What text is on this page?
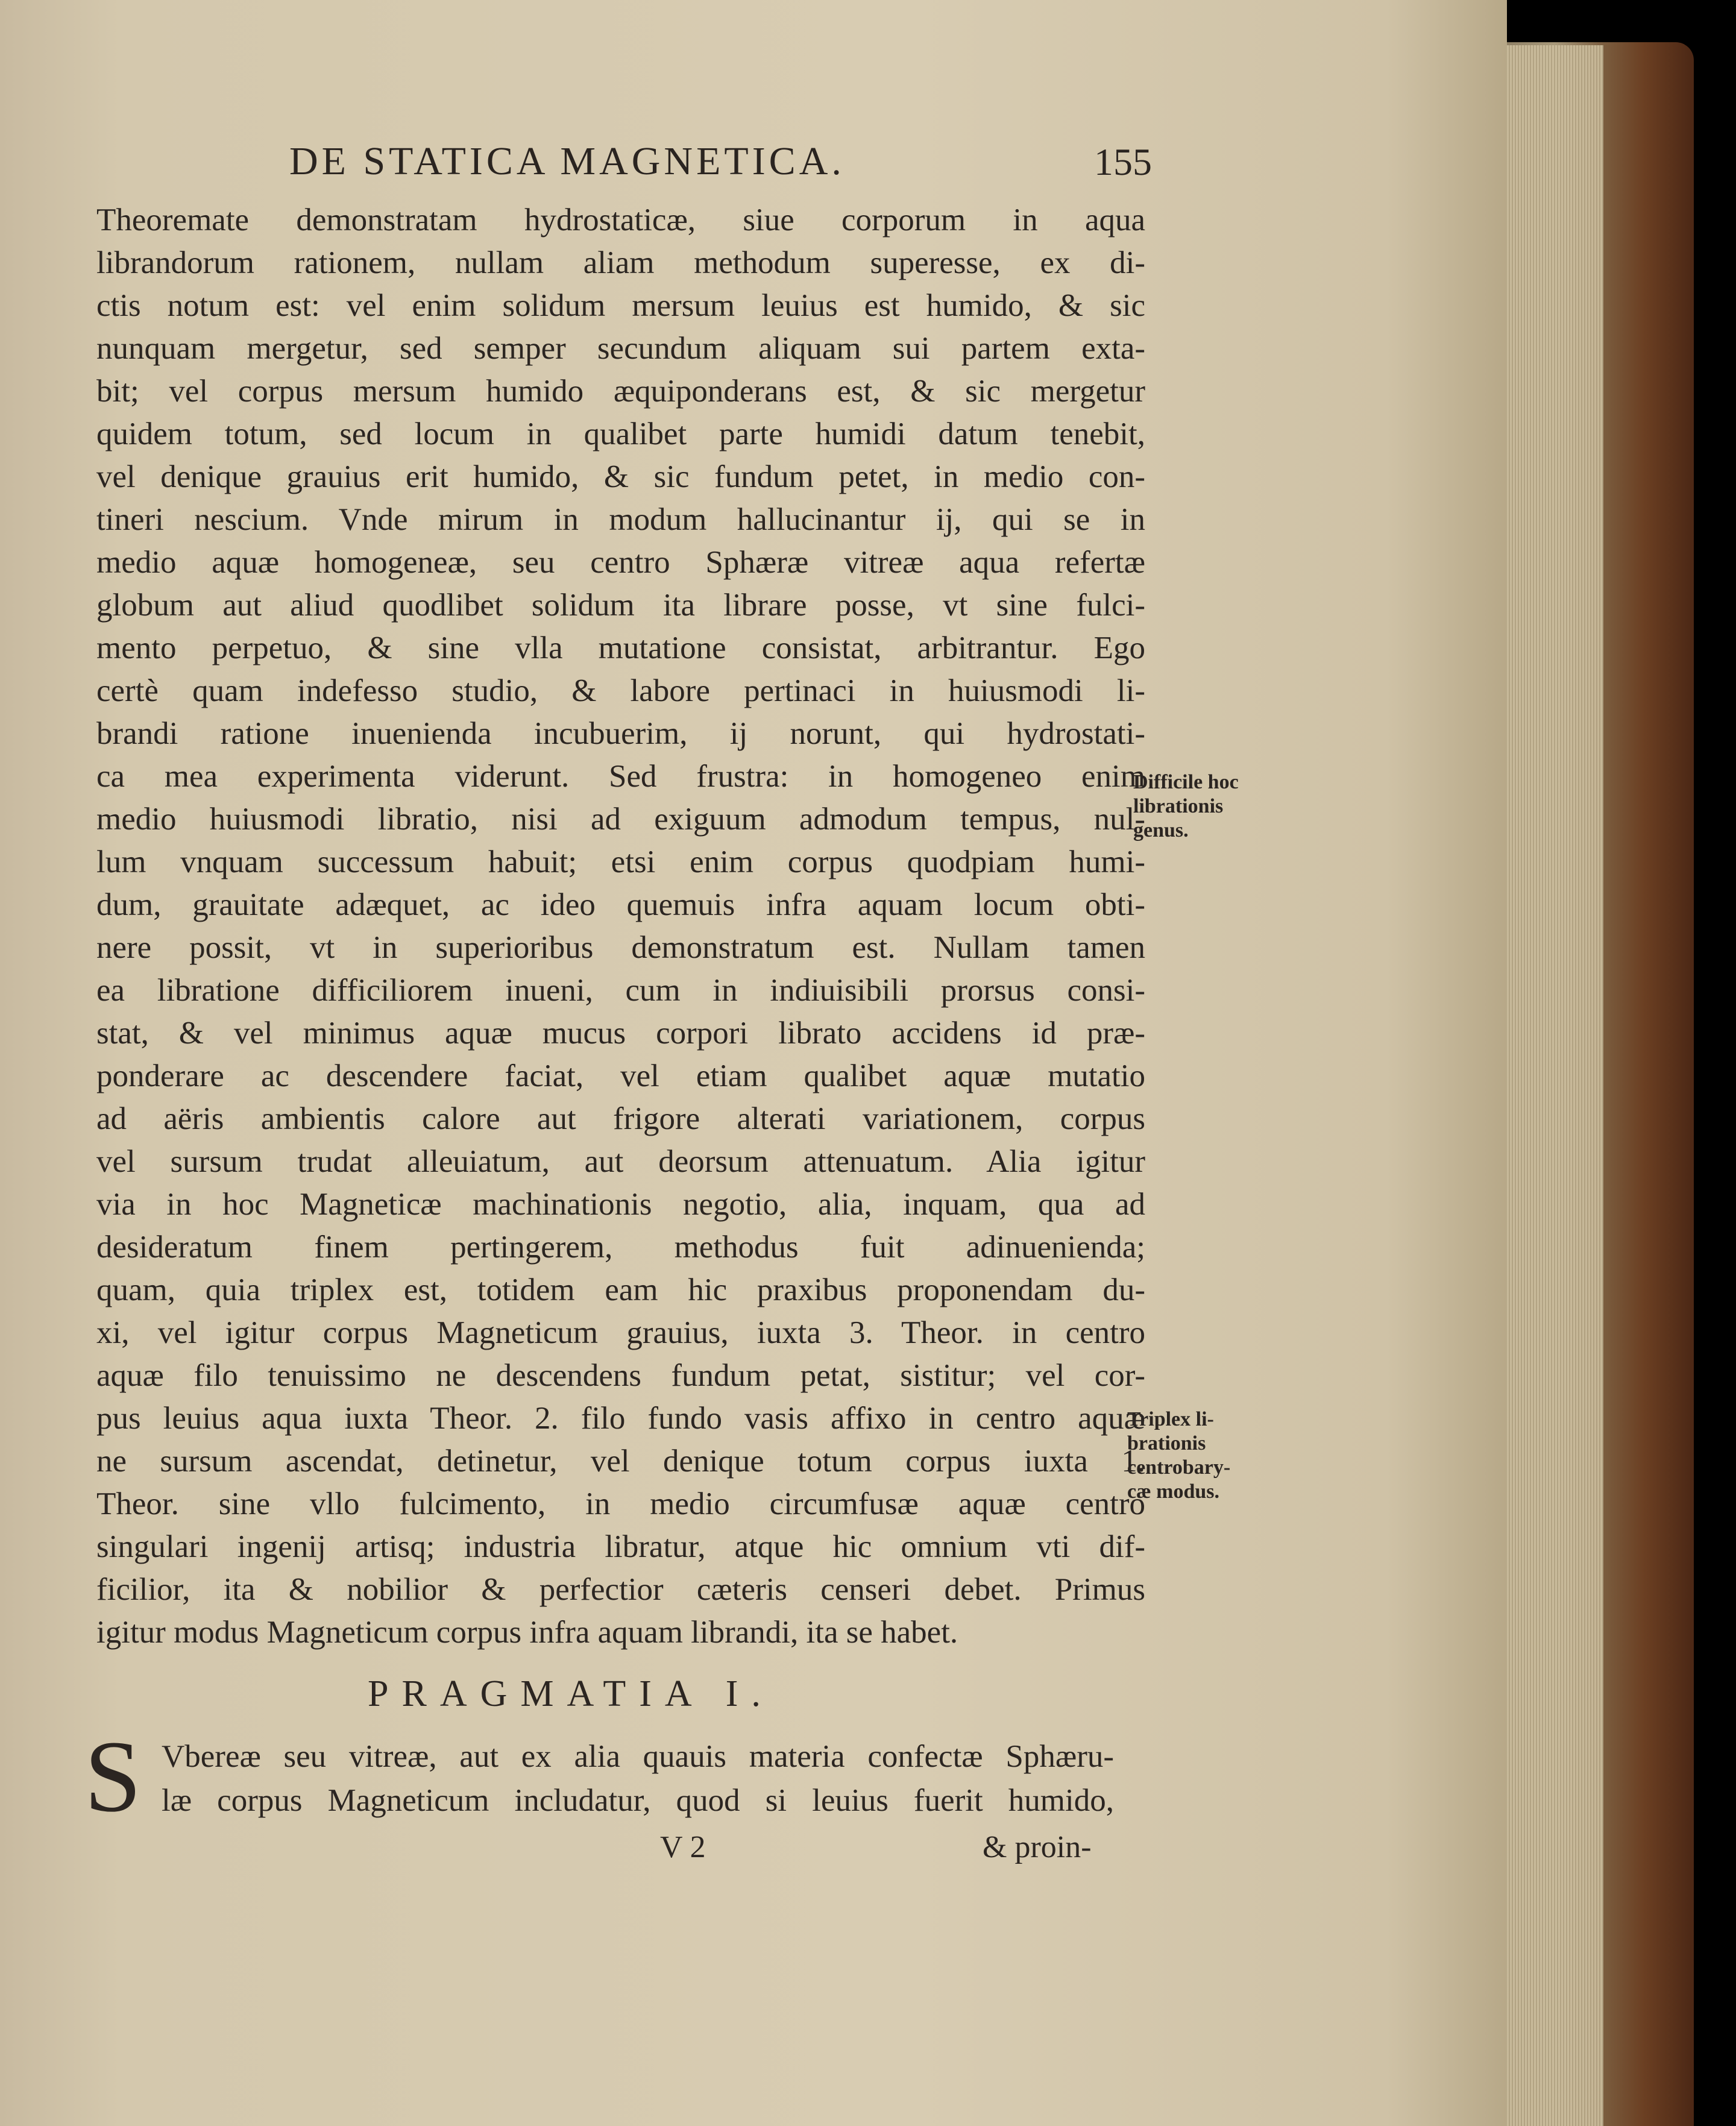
DE STATICA MAGNETICA.	155
Theoremate demonstratam hydrostaticæ, siue corporum in aqua
librandorum rationem, nullam aliam methodum superesse, ex di-
ctis notum est: vel enim solidum mersum leuius est humido, & sic
nunquam mergetur, sed semper secundum aliquam sui partem exta-
bit; vel corpus mersum humido æquiponderans est, & sic mergetur
quidem totum, sed locum in qualibet parte humidi datum tenebit,
vel denique grauius erit humido, & sic fundum petet, in medio con-
tineri nescium. Vnde mirum in modum hallucinantur ij, qui se in
medio aquæ homogeneæ, seu centro Sphæræ vitreæ aqua refertæ
globum aut aliud quodlibet solidum ita librare posse, vt sine fulci-
mento perpetuo, & sine vlla mutatione consistat, arbitrantur. Ego
certè quam indefesso studio, & labore pertinaci in huiusmodi li-
brandi ratione inuenienda incubuerim, ij norunt, qui hydrostati-
ca mea experimenta viderunt. Sed frustra: in homogeneo enim
medio huiusmodi libratio, nisi ad exiguum admodum tempus, nul-
lum vnquam successum habuit; etsi enim corpus quodpiam humi-
dum, grauitate adæquet, ac ideo quemuis infra aquam locum obti-
nere possit, vt in superioribus demonstratum est. Nullam tamen
ea libratione difficiliorem inueni, cum in indiuisibili prorsus consi-
stat, & vel minimus aquæ mucus corpori librato accidens id præ-
ponderare ac descendere faciat, vel etiam qualibet aquæ mutatio
ad aëris ambientis calore aut frigore alterati variationem, corpus
vel sursum trudat alleuiatum, aut deorsum attenuatum. Alia igitur
via in hoc Magneticæ machinationis negotio, alia, inquam, qua ad
desideratum finem pertingerem, methodus fuit adinuenienda;
quam, quia triplex est, totidem eam hic praxibus proponendam du-
xi, vel igitur corpus Magneticum grauius, iuxta 3. Theor. in centro
aquæ filo tenuissimo ne descendens fundum petat, sistitur; vel cor-
pus leuius aqua iuxta Theor. 2. filo fundo vasis affixo in centro aquæ
ne sursum ascendat, detinetur, vel denique totum corpus iuxta 1.
Theor. sine vllo fulcimento, in medio circumfusæ aquæ centro
singulari ingenij artisq; industria libratur, atque hic omnium vti dif-
ficilior, ita & nobilior & perfectior cæteris censeri debet. Primus
igitur modus Magneticum corpus infra aquam librandi, ita se habet.
Difficile hoc
librationis
genus.
Triplex li-
brationis
centrobary-
cæ modus.
PRAGMATIA I.
S Vbereæ seu vitreæ, aut ex alia quauis materia confectæ Sphæru-
læ corpus Magneticum includatur, quod si leuius fuerit humido,
V 2	& proin-
